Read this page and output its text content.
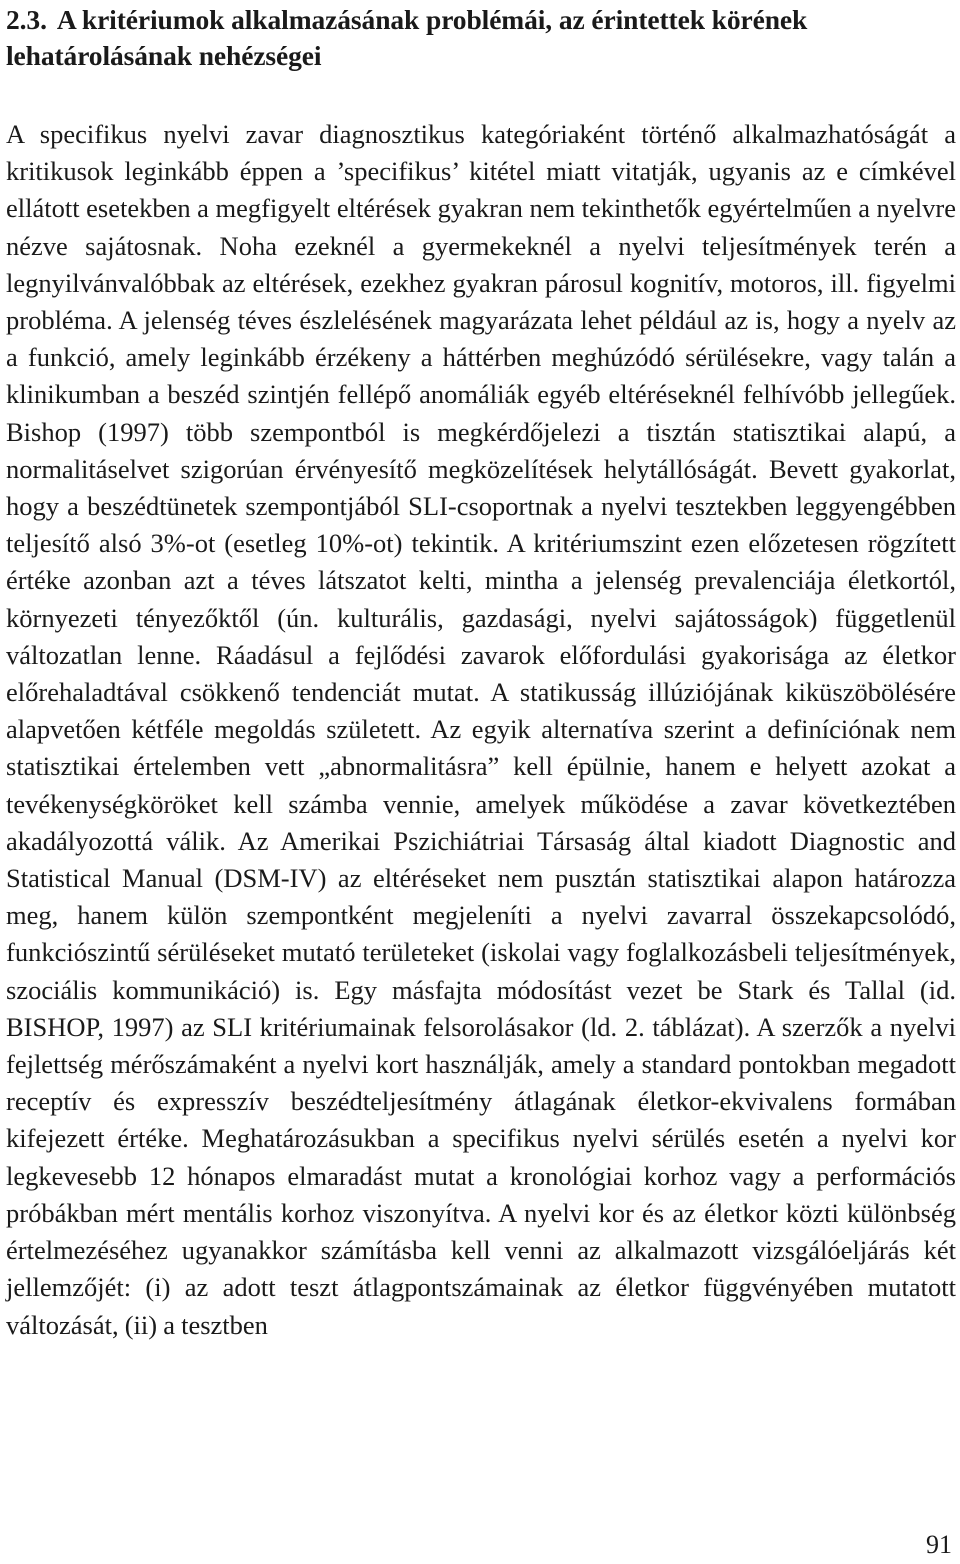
2.3. A kritériumok alkalmazásának problémái, az érintettek körének lehatárolásának nehézségei

A specifikus nyelvi zavar diagnosztikus kategóriaként történő alkalmazhatóságát a kritikusok leginkább éppen a ’specifikus’ kitétel miatt vitatják, ugyanis az e címkével ellátott esetekben a megfigyelt eltérések gyakran nem tekinthetők egyértelműen a nyelvre nézve sajátosnak. Noha ezeknél a gyermekeknél a nyelvi teljesítmények terén a legnyilvánvalóbbak az eltérések, ezekhez gyakran párosul kognitív, motoros, ill. figyelmi probléma. A jelenség téves észlelésének magyarázata lehet például az is, hogy a nyelv az a funkció, amely leginkább érzékeny a háttérben meghúzódó sérülésekre, vagy talán a klinikumban a beszéd szintjén fellépő anomáliák egyéb eltéréseknél felhívóbb jellegűek. Bishop (1997) több szempontból is megkérdőjelezi a tisztán statisztikai alapú, a normalitáselvet szigorúan érvényesítő megközelítések helytállóságát. Bevett gyakorlat, hogy a beszédtünetek szempontjából SLI-csoportnak a nyelvi tesztekben leggyengébben teljesítő alsó 3%-ot (esetleg 10%-ot) tekintik. A kritériumszint ezen előzetesen rögzített értéke azonban azt a téves látszatot kelti, mintha a jelenség prevalenciája életkortól, környezeti tényezőktől (ún. kulturális, gazdasági, nyelvi sajátosságok) függetlenül változatlan lenne. Ráadásul a fejlődési zavarok előfordulási gyakorisága az életkor előrehaladtával csökkenő tendenciát mutat. A statikusság illúziójának kiküszöbölésére alapvetően kétféle megoldás született. Az egyik alternatíva szerint a definíciónak nem statisztikai értelemben vett „abnormalitásra” kell épülnie, hanem e helyett azokat a tevékenységköröket kell számba vennie, amelyek működése a zavar következtében akadályozottá válik. Az Amerikai Pszichiátriai Társaság által kiadott Diagnostic and Statistical Manual (DSM-IV) az eltéréseket nem pusztán statisztikai alapon határozza meg, hanem külön szempontként megjeleníti a nyelvi zavarral összekapcsolódó, funkciószintű sérüléseket mutató területeket (iskolai vagy foglalkozásbeli teljesítmények, szociális kommunikáció) is. Egy másfajta módosítást vezet be Stark és Tallal (id. BISHOP, 1997) az SLI kritériumainak felsorolásakor (ld. 2. táblázat). A szerzők a nyelvi fejlettség mérőszámaként a nyelvi kort használják, amely a standard pontokban megadott receptív és expresszív beszédteljesítmény átlagának életkor-ekvivalens formában kifejezett értéke. Meghatározásukban a specifikus nyelvi sérülés esetén a nyelvi kor legkevesebb 12 hónapos elmaradást mutat a kronológiai korhoz vagy a performációs próbákban mért mentális korhoz viszonyítva. A nyelvi kor és az életkor közti különbség értelmezéséhez ugyanakkor számításba kell venni az alkalmazott vizsgálóeljárás két jellemzőjét: (i) az adott teszt átlagpontszámainak az életkor függvényében mutatott változását, (ii) a tesztben

91
